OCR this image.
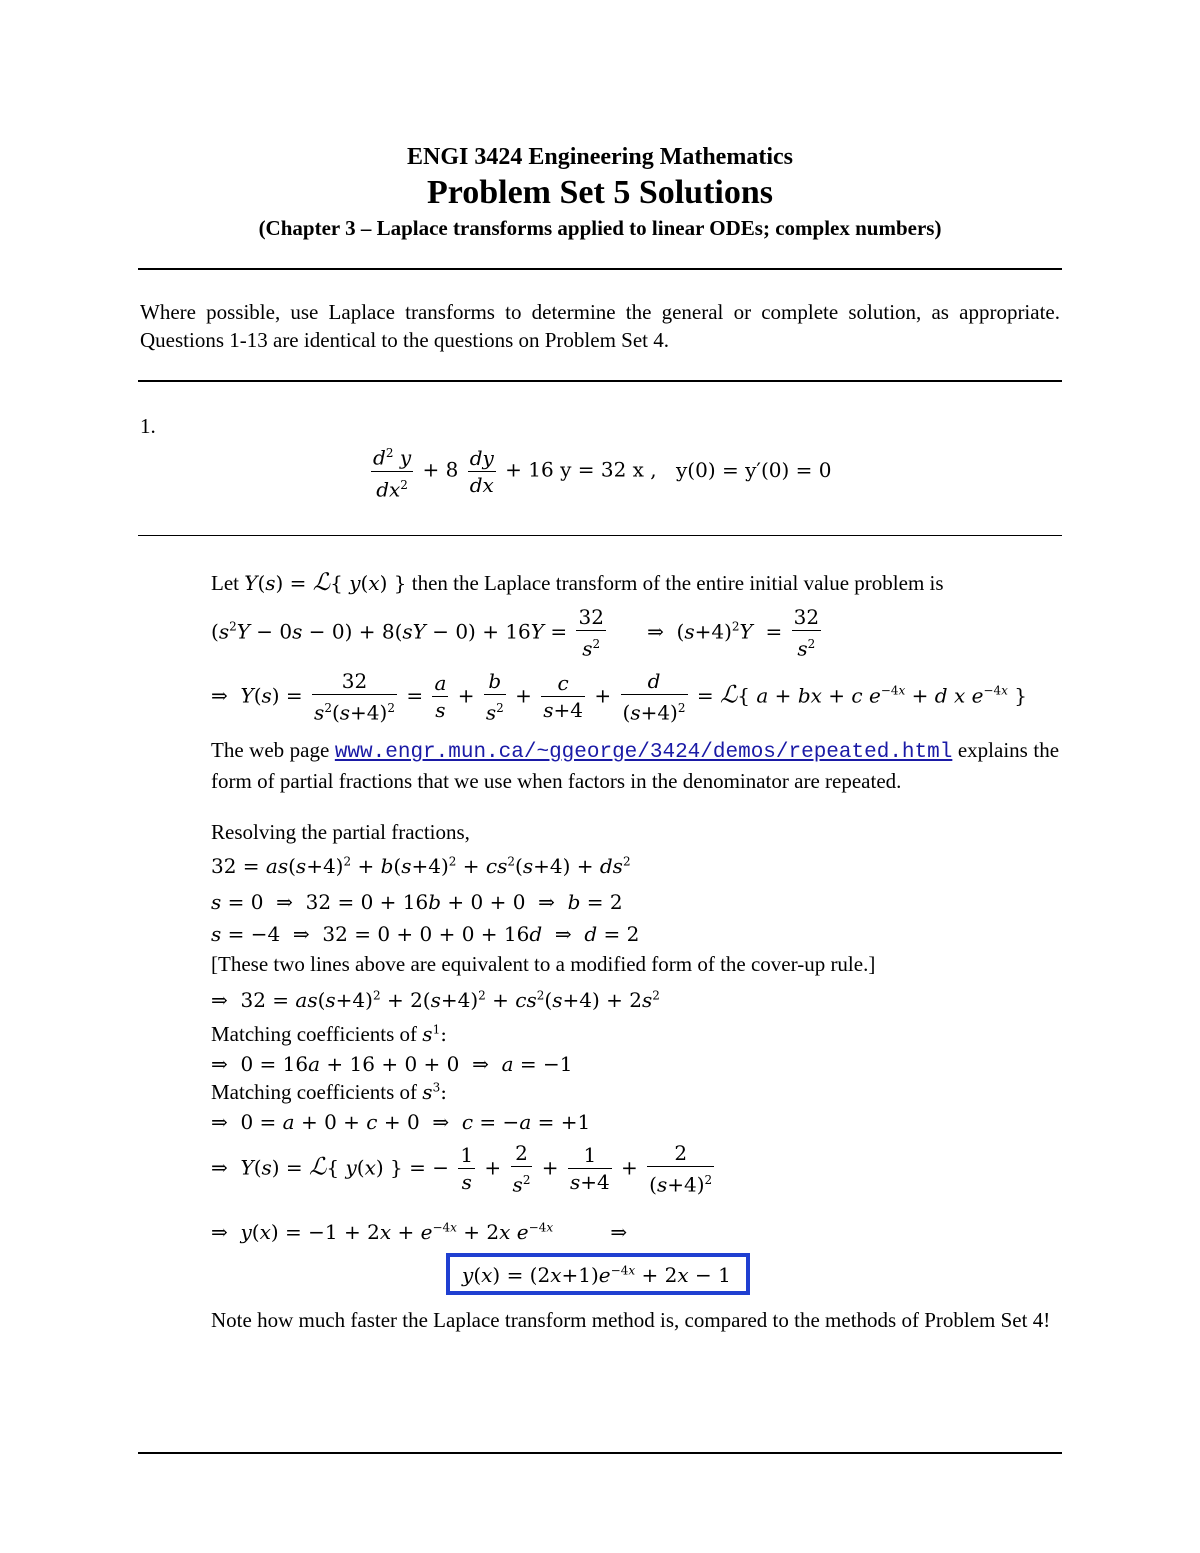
ENGI 3424 Engineering Mathematics
Problem Set 5 Solutions
(Chapter 3 – Laplace transforms applied to linear ODEs; complex numbers)
Where possible, use Laplace transforms to determine the general or complete solution, as appropriate. Questions 1-13 are identical to the questions on Problem Set 4.
1.
$\frac{d^2 y}{dx^2} + 8 \frac{dy}{dx} + 16$ y = 32 x , y(0) = y′(0) = 0
Let Y(s) = ℒ{ y(x) } then the Laplace transform of the entire initial value problem is
$(s^2Y - 0s - 0) + 8(sY - 0) + 16Y = \frac{32}{s^2}$ ⇒  $(s+4)^2Y = \frac{32}{s^2}$
⇒  $Y(s) = \frac{32}{s^2(s+4)^2} = \frac{a}{s} + \frac{b}{s^2} + \frac{c}{s+4} + \frac{d}{(s+4)^2}$ = ℒ{ a + bx + c $e^{-4x} + d$ x $e^{-4x}$ }
The web page www.engr.mun.ca/~ggeorge/3424/demos/repeated.html explains the form of partial fractions that we use when factors in the denominator are repeated.
Resolving the partial fractions,
$32 = as(s+4)^2 + b(s+4)^2 + cs^2(s+4) + ds^2$
s = 0  ⇒  32 = 0 + 16b + 0 + 0  ⇒  b = 2
s = −4  ⇒  32 = 0 + 0 + 0 + 16d  ⇒  d = 2
[These two lines above are equivalent to a modified form of the cover-up rule.]
⇒  $32 = as(s+4)^2 + 2(s+4)^2 + cs^2(s+4) + 2s^2$
Matching coefficients of $s^1$:
⇒  0 = 16a + 16 + 0 + 0  ⇒  a = −1
Matching coefficients of $s^3$:
⇒  0 = a + 0 + c + 0  ⇒  c = −a = +1
⇒  Y(s) = ℒ{ y(x) } = − $\frac{1}{s} + \frac{2}{s^2} + \frac{1}{s+4} + \frac{2}{(s+4)^2}$
⇒  $y(x) = -1 + 2x + e^{-4x} + 2x$ $e^{-4x}$         ⇒
$y(x) = (2x+1)e^{-4x} + 2x - 1$
Note how much faster the Laplace transform method is, compared to the methods of Problem Set 4!
